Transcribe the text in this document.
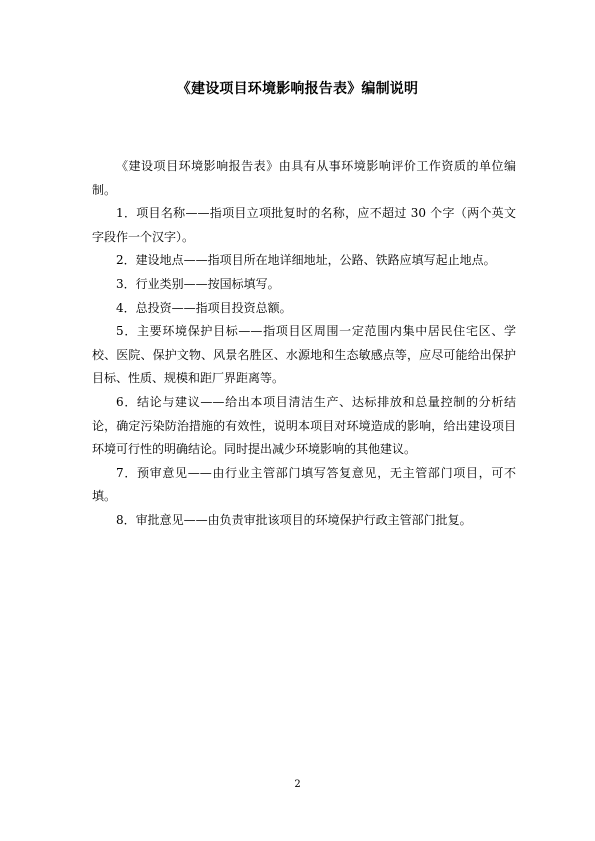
《建设项目环境影响报告表》编制说明

《建设项目环境影响报告表》由具有从事环境影响评价工作资质的单位编制。

1．项目名称——指项目立项批复时的名称，应不超过 30 个字（两个英文字段作一个汉字）。

2．建设地点——指项目所在地详细地址，公路、铁路应填写起止地点。

3．行业类别——按国标填写。

4．总投资——指项目投资总额。

5．主要环境保护目标——指项目区周围一定范围内集中居民住宅区、学校、医院、保护文物、风景名胜区、水源地和生态敏感点等，应尽可能给出保护目标、性质、规模和距厂界距离等。

6．结论与建议——给出本项目清洁生产、达标排放和总量控制的分析结论，确定污染防治措施的有效性，说明本项目对环境造成的影响，给出建设项目环境可行性的明确结论。同时提出减少环境影响的其他建议。

7．预审意见——由行业主管部门填写答复意见，无主管部门项目，可不填。

8．审批意见——由负责审批该项目的环境保护行政主管部门批复。

2
